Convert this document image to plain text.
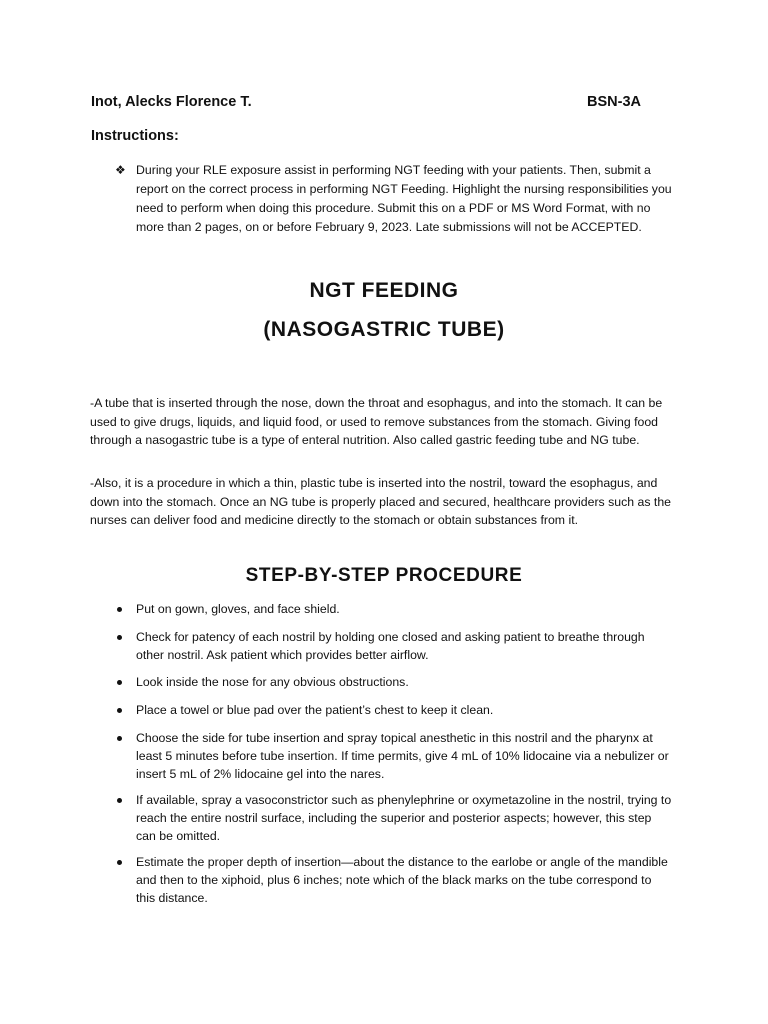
Inot, Alecks Florence T.	BSN-3A
Instructions:
❖ During your RLE exposure assist in performing NGT feeding with your patients. Then, submit a report on the correct process in performing NGT Feeding. Highlight the nursing responsibilities you need to perform when doing this procedure. Submit this on a PDF or MS Word Format, with no more than 2 pages, on or before February 9, 2023. Late submissions will not be ACCEPTED.
NGT FEEDING
(NASOGASTRIC TUBE)
-A tube that is inserted through the nose, down the throat and esophagus, and into the stomach. It can be used to give drugs, liquids, and liquid food, or used to remove substances from the stomach. Giving food through a nasogastric tube is a type of enteral nutrition. Also called gastric feeding tube and NG tube.
-Also, it is a procedure in which a thin, plastic tube is inserted into the nostril, toward the esophagus, and down into the stomach. Once an NG tube is properly placed and secured, healthcare providers such as the nurses can deliver food and medicine directly to the stomach or obtain substances from it.
STEP-BY-STEP PROCEDURE
Put on gown, gloves, and face shield.
Check for patency of each nostril by holding one closed and asking patient to breathe through other nostril. Ask patient which provides better airflow.
Look inside the nose for any obvious obstructions.
Place a towel or blue pad over the patient’s chest to keep it clean.
Choose the side for tube insertion and spray topical anesthetic in this nostril and the pharynx at least 5 minutes before tube insertion. If time permits, give 4 mL of 10% lidocaine via a nebulizer or insert 5 mL of 2% lidocaine gel into the nares.
If available, spray a vasoconstrictor such as phenylephrine or oxymetazoline in the nostril, trying to reach the entire nostril surface, including the superior and posterior aspects; however, this step can be omitted.
Estimate the proper depth of insertion—about the distance to the earlobe or angle of the mandible and then to the xiphoid, plus 6 inches; note which of the black marks on the tube correspond to this distance.
